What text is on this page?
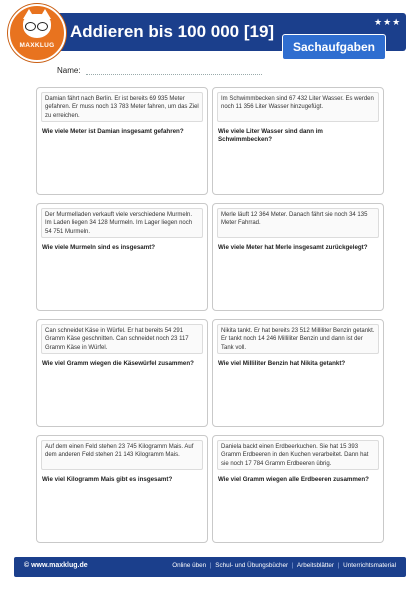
MAXKLUG
Addieren bis 100 000 [19]	★★★
Sachaufgaben
Name:
Damian fährt nach Berlin. Er ist bereits 69 935 Meter gefahren. Er muss noch 13 783 Meter fahren, um das Ziel zu erreichen.
Wie viele Meter ist Damian insgesamt gefahren?
Im Schwimmbecken sind 67 432 Liter Wasser. Es werden noch 11 356 Liter Wasser hinzugefügt.
Wie viele Liter Wasser sind dann im Schwimmbecken?
Der Murmelladen verkauft viele verschiedene Murmeln. Im Laden liegen 34 128 Murmeln. Im Lager liegen noch 54 751 Murmeln.
Wie viele Murmeln sind es insgesamt?
Merle läuft 12 364 Meter. Danach fährt sie noch 34 135 Meter Fahrrad.
Wie viele Meter hat Merle insgesamt zurückgelegt?
Can schneidet Käse in Würfel. Er hat bereits 54 291 Gramm Käse geschnitten. Can schneidet noch 23 117 Gramm Käse in Würfel.
Wie viel Gramm wiegen die Käsewürfel zusammen?
Nikita tankt. Er hat bereits 23 512 Milliliter Benzin getankt. Er tankt noch 14 246 Milliliter Benzin und dann ist der Tank voll.
Wie viel Milliliter Benzin hat Nikita getankt?
Auf dem einen Feld stehen 23 745 Kilogramm Mais. Auf dem anderen Feld stehen 21 143 Kilogramm Mais.
Wie viel Kilogramm Mais gibt es insgesamt?
Daniela backt einen Erdbeerkuchen. Sie hat 15 393 Gramm Erdbeeren in den Kuchen verarbeitet. Dann hat sie noch 17 784 Gramm Erdbeeren übrig.
Wie viel Gramm wiegen alle Erdbeeren zusammen?
© www.maxklug.de	Online üben | Schul- und Übungsbücher | Arbeitsblätter | Unterrichtsmaterial
